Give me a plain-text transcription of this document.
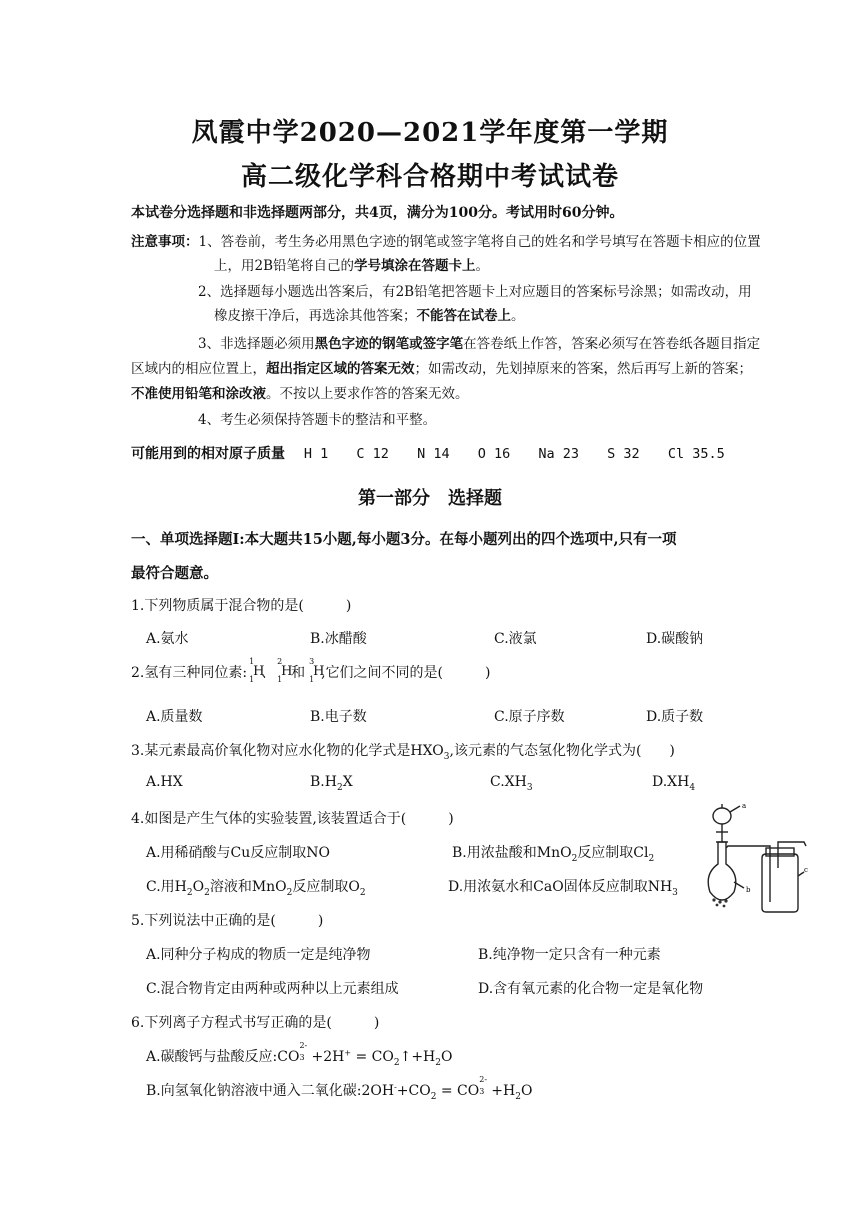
凤霞中学2020—2021学年度第一学期
高二级化学科合格期中考试试卷
本试卷分选择题和非选择题两部分，共4页，满分为100分。考试用时60分钟。
注意事项：1、答卷前，考生务必用黑色字迹的钢笔或签字笔将自己的姓名和学号填写在答题卡相应的位置
上，用2B铅笔将自己的学号填涂在答题卡上。
2、选择题每小题选出答案后，有2B铅笔把答题卡上对应题目的答案标号涂黑；如需改动，用
橡皮擦干净后，再选涂其他答案；不能答在试卷上。
3、非选择题必须用黑色字迹的钢笔或签字笔在答卷纸上作答，答案必须写在答卷纸各题目指定
区域内的相应位置上，超出指定区域的答案无效；如需改动，先划掉原来的答案，然后再写上新的答案；
不准使用铅笔和涂改液。不按以上要求作答的答案无效。
4、考生必须保持答题卡的整洁和平整。
可能用到的相对原子质量 H 1 C 12 N 14 O 16 Na 23 S 32 Cl 35.5
第一部分　选择题
一、单项选择题Ⅰ:本大题共15小题,每小题3分。在每小题列出的四个选项中,只有一项
最符合题意。
1.下列物质属于混合物的是(　　　)
A.氨水	B.冰醋酸	C.液氯	D.碳酸钠
2.氢有三种同位素:
1
1
H
、
2
1
H
和
3
1
H
,它们之间不同的是(　　　)
A.质量数	B.电子数	C.原子序数	D.质子数
3.某元素最高价氧化物对应水化物的化学式是$HXO_3$,该元素的气态氢化物化学式为(　　)
A.HX	$B.H_2X$	$C.XH_3$	$D.XH_4$
4.如图是产生气体的实验装置,该装置适合于(　　　)
A.用稀硝酸与Cu反应制取NO	B.用浓盐酸和MnO$_2$反应制取$Cl_2$
C.用$H_2O_2$溶液和MnO$_2$反应制取$O_2$	D.用浓氨水和CaO固体反应制取$NH_3$
a
b
c
5.下列说法中正确的是(　　　)
A.同种分子构成的物质一定是纯净物	B.纯净物一定只含有一种元素
C.混合物肯定由两种或两种以上元素组成	D.含有氧元素的化合物一定是氧化物
6.下列离子方程式书写正确的是(　　　)
A.碳酸钙与盐酸反应:CO
2-
$3 +2H^+ = CO_2↑+H_2O$
B.向氢氧化钠溶液中通入二氧化碳$:2OH^-+CO_2$ = CO
2-
$3 +H_2O$
